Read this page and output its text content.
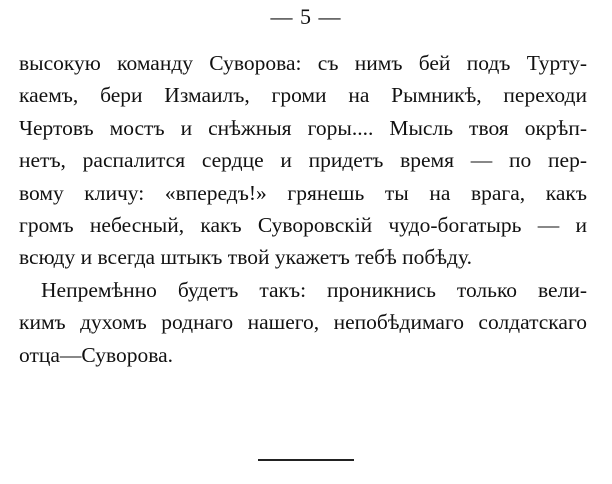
— 5 —
высокую команду Суворова: съ нимъ бей подъ Турту-
каемъ, бери Измаилъ, громи на Рымникѣ, переходи
Чертовъ мостъ и снѣжныя горы.... Мысль твоя окрѣп-
нетъ, распалится сердце и придетъ время — по пер-
вому кличу: «впередъ!» грянешь ты на врага, какъ
громъ небесный, какъ Суворовскій чудо-богатырь — и
всюду и всегда штыкъ твой укажетъ тебѣ побѣду.
Непремѣнно будетъ такъ: проникнись только вели-
кимъ духомъ роднаго нашего, непобѣдимаго солдатскаго
отца—Суворова.
